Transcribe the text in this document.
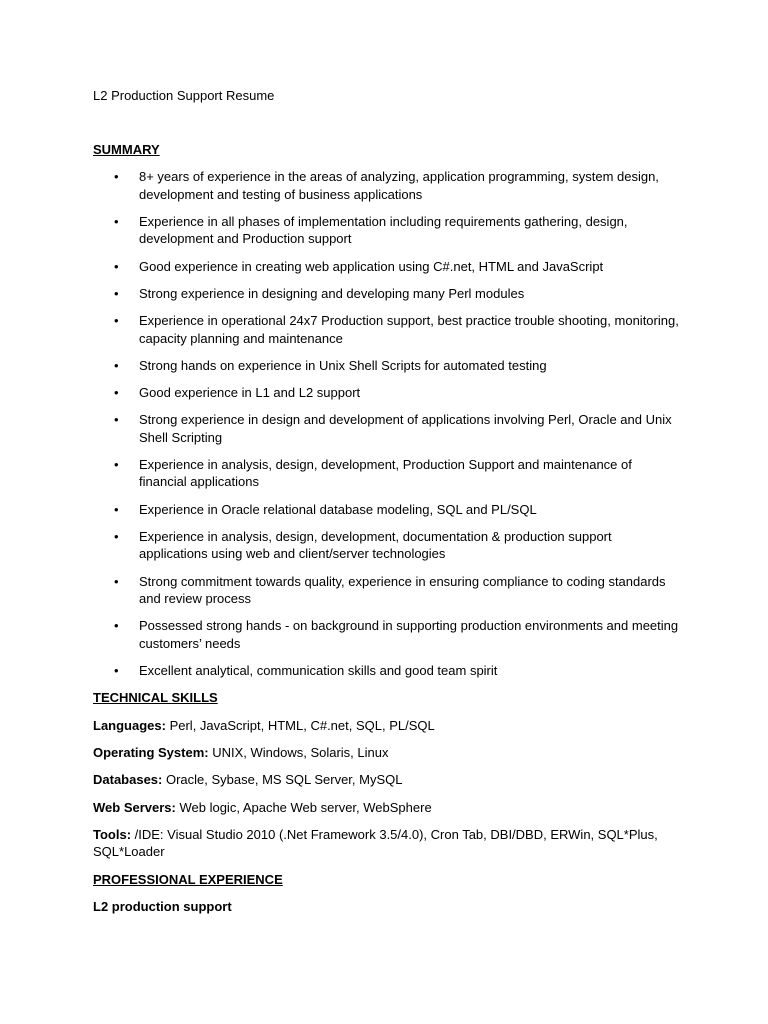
L2 Production Support Resume

SUMMARY

• 8+ years of experience in the areas of analyzing, application programming, system design, development and testing of business applications
• Experience in all phases of implementation including requirements gathering, design, development and Production support
• Good experience in creating web application using C#.net, HTML and JavaScript
• Strong experience in designing and developing many Perl modules
• Experience in operational 24x7 Production support, best practice trouble shooting, monitoring, capacity planning and maintenance
• Strong hands on experience in Unix Shell Scripts for automated testing
• Good experience in L1 and L2 support
• Strong experience in design and development of applications involving Perl, Oracle and Unix Shell Scripting
• Experience in analysis, design, development, Production Support and maintenance of financial applications
• Experience in Oracle relational database modeling, SQL and PL/SQL
• Experience in analysis, design, development, documentation & production support applications using web and client/server technologies
• Strong commitment towards quality, experience in ensuring compliance to coding standards and review process
• Possessed strong hands - on background in supporting production environments and meeting customers’ needs
• Excellent analytical, communication skills and good team spirit

TECHNICAL SKILLS

Languages: Perl, JavaScript, HTML, C#.net, SQL, PL/SQL

Operating System: UNIX, Windows, Solaris, Linux

Databases: Oracle, Sybase, MS SQL Server, MySQL

Web Servers: Web logic, Apache Web server, WebSphere

Tools: /IDE: Visual Studio 2010 (.Net Framework 3.5/4.0), Cron Tab, DBI/DBD, ERWin, SQL*Plus, SQL*Loader

PROFESSIONAL EXPERIENCE

L2 production support
